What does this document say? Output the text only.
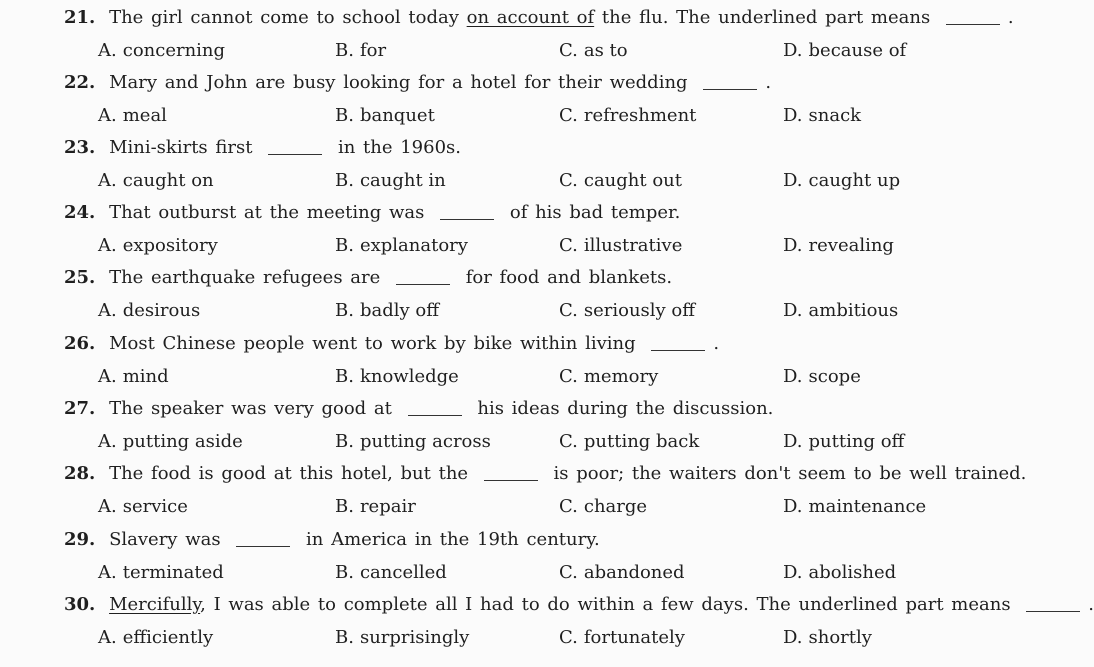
21. The girl cannot come to school today on account of the flu. The underlined part means	.
A. concerning	B. for	C. as to	D. because of
22. Mary and John are busy looking for a hotel for their wedding	.
A. meal	B. banquet	C. refreshment	D. snack
23. Mini-skirts first	in the 1960s.
A. caught on	B. caught in	C. caught out	D. caught up
24. That outburst at the meeting was	of his bad temper.
A. expository	B. explanatory	C. illustrative	D. revealing
25. The earthquake refugees are	for food and blankets.
A. desirous	B. badly off	C. seriously off	D. ambitious
26. Most Chinese people went to work by bike within living	.
A. mind	B. knowledge	C. memory	D. scope
27. The speaker was very good at	his ideas during the discussion.
A. putting aside	B. putting across	C. putting back	D. putting off
28. The food is good at this hotel, but the	is poor; the waiters don't seem to be well trained.
A. service	B. repair	C. charge	D. maintenance
29. Slavery was	in America in the 19th century.
A. terminated	B. cancelled	C. abandoned	D. abolished
30. Mercifully, I was able to complete all I had to do within a few days. The underlined part means	.
A. efficiently	B. surprisingly	C. fortunately	D. shortly
